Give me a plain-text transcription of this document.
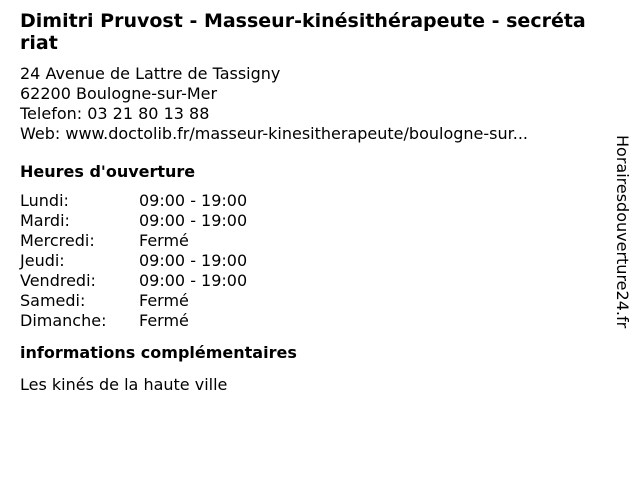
Dimitri Pruvost - Masseur-kinésithérapeute - secrétariat
24 Avenue de Lattre de Tassigny
62200 Boulogne-sur-Mer
Telefon: 03 21 80 13 88
Web: www.doctolib.fr/masseur-kinesitherapeute/boulogne-sur...
Heures d'ouverture
Lundi:	09:00 - 19:00
Mardi:	09:00 - 19:00
Mercredi:	Fermé
Jeudi:	09:00 - 19:00
Vendredi:	09:00 - 19:00
Samedi:	Fermé
Dimanche:	Fermé
informations complémentaires
Les kinés de la haute ville
Horairesdouverture24.fr
